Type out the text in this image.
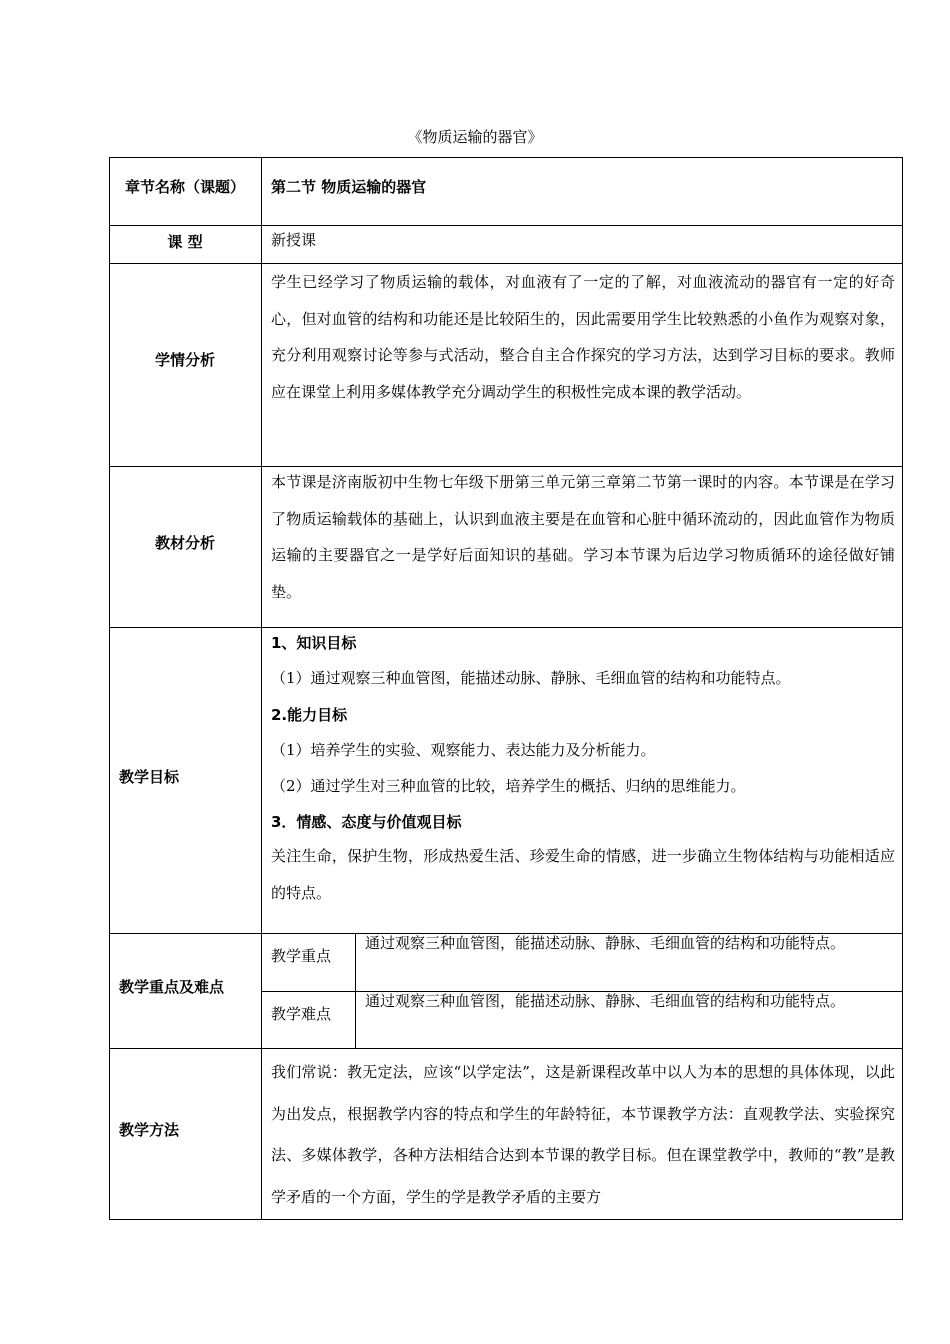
《物质运输的器官》
章节名称（课题）	第二节 物质运输的器官
课 型	新授课
学情分析
学生已经学习了物质运输的载体，对血液有了一定的了解，对血液流动的器官有一定的好奇心，但对血管的结构和功能还是比较陌生的，因此需要用学生比较熟悉的小鱼作为观察对象，充分利用观察讨论等参与式活动，整合自主合作探究的学习方法，达到学习目标的要求。教师应在课堂上利用多媒体教学充分调动学生的积极性完成本课的教学活动。
教材分析
本节课是济南版初中生物七年级下册第三单元第三章第二节第一课时的内容。本节课是在学习了物质运输载体的基础上，认识到血液主要是在血管和心脏中循环流动的，因此血管作为物质运输的主要器官之一是学好后面知识的基础。学习本节课为后边学习物质循环的途径做好铺垫。
教学目标
1、知识目标
（1）通过观察三种血管图，能描述动脉、静脉、毛细血管的结构和功能特点。
2.能力目标
（1）培养学生的实验、观察能力、表达能力及分析能力。
（2）通过学生对三种血管的比较，培养学生的概括、归纳的思维能力。
3．情感、态度与价值观目标
关注生命，保护生物，形成热爱生活、珍爱生命的情感，进一步确立生物体结构与功能相适应的特点。
教学重点及难点
教学重点
通过观察三种血管图，能描述动脉、静脉、毛细血管的结构和功能特点。
教学难点
通过观察三种血管图，能描述动脉、静脉、毛细血管的结构和功能特点。
教学方法
我们常说：教无定法，应该“以学定法”，这是新课程改革中以人为本的思想的具体体现，以此为出发点，根据教学内容的特点和学生的年龄特征，本节课教学方法：直观教学法、实验探究法、多媒体教学，各种方法相结合达到本节课的教学目标。但在课堂教学中，教师的“教”是教学矛盾的一个方面，学生的学是教学矛盾的主要方
